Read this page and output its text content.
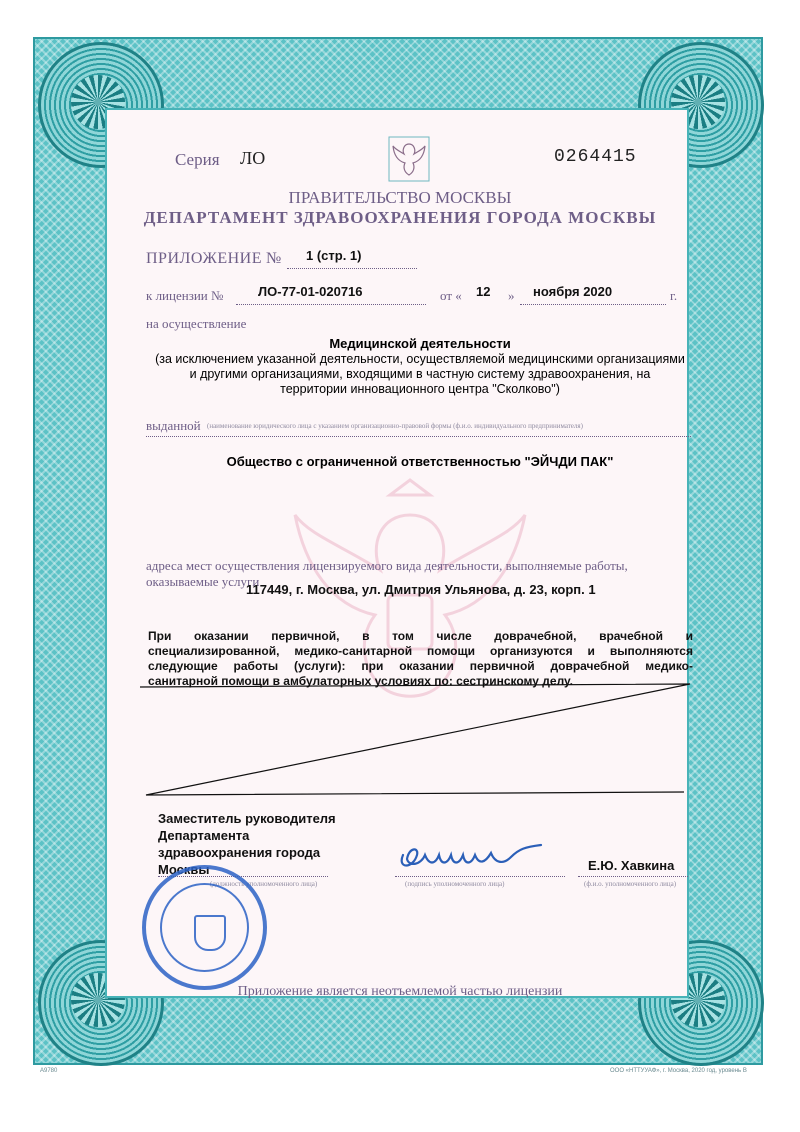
Серия ЛО	0264415
ПРАВИТЕЛЬСТВО МОСКВЫ
ДЕПАРТАМЕНТ ЗДРАВООХРАНЕНИЯ ГОРОДА МОСКВЫ
ПРИЛОЖЕНИЕ № 1 (стр. 1)
к лицензии №	ЛО-77-01-020716	от « 12 » ноября 2020	г.
на осуществление
Медицинской деятельности
(за исключением указанной деятельности, осуществляемой медицинскими организациями
и другими организациями, входящими в частную систему здравоохранения, на
территории инновационного центра "Сколково")
выданной (наименование юридического лица с указанием организационно-правовой формы (ф.и.о. индивидуального предпринимателя)
Общество с ограниченной ответственностью "ЭЙЧДИ ПАК"
адреса мест осуществления лицензируемого вида деятельности, выполняемые работы,
оказываемые услуги
117449, г. Москва, ул. Дмитрия Ульянова, д. 23, корп. 1
При оказании первичной, в том числе доврачебной, врачебной и
специализированной, медико-санитарной помощи организуются и выполняются
следующие работы (услуги): при оказании первичной доврачебной медико-
санитарной помощи в амбулаторных условиях по: сестринскому делу.
Заместитель руководителя
Департамента
здравоохранения города
Москвы
(должность уполномоченного лица)	(подпись уполномоченного лица)
Е.Ю. Хавкина
(ф.и.о. уполномоченного лица)
Приложение является неотъемлемой частью лицензии
А9780	ООО «НТТУУАФ», г. Москва, 2020 год, уровень В
